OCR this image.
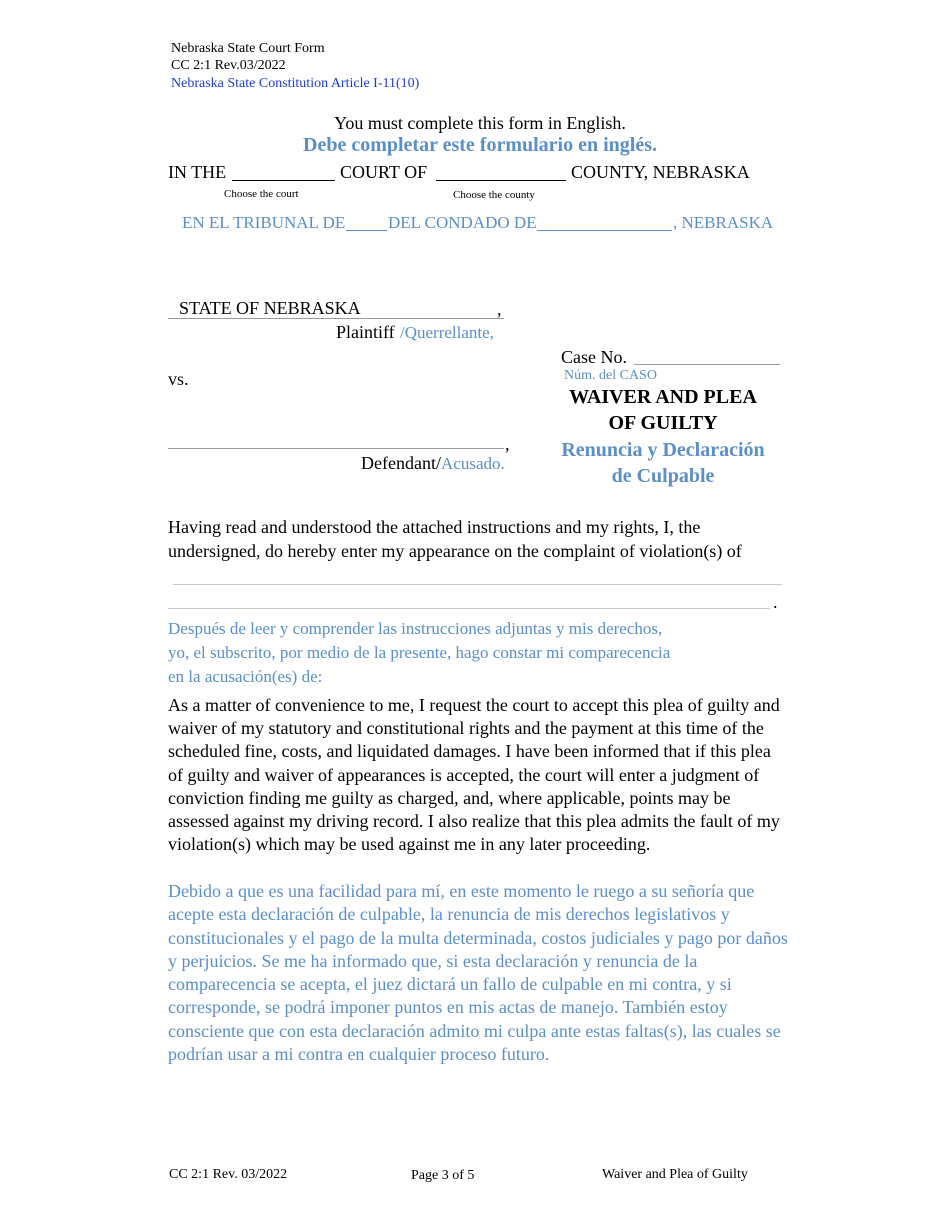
Nebraska State Court Form
CC 2:1 Rev.03/2022
Nebraska State Constitution Article I-11(10)
You must complete this form in English.
Debe completar este formulario en inglés.
IN THE	COURT OF	COUNTY, NEBRASKA
Choose the court	Choose the county
EN EL TRIBUNAL DE	DEL CONDADO DE	, NEBRASKA
STATE OF NEBRASKA	,
Plaintiff /Querrellante,
vs.
,
Defendant/ Acusado.
Case No.
Núm. del CASO
WAIVER AND PLEA
OF GUILTY
Renuncia y Declaración
de Culpable
Having read and understood the attached instructions and my rights, I, the
undersigned, do hereby enter my appearance on the complaint of violation(s) of
.
Después de leer y comprender las instrucciones adjuntas y mis derechos,
yo, el subscrito, por medio de la presente, hago constar mi comparecencia
en la acusación(es) de:
As a matter of convenience to me, I request the court to accept this plea of guilty and waiver of my statutory and constitutional rights and the payment at this time of the scheduled fine, costs, and liquidated damages. I have been informed that if this plea of guilty and waiver of appearances is accepted, the court will enter a judgment of conviction finding me guilty as charged, and, where applicable, points may be assessed against my driving record. I also realize that this plea admits the fault of my violation(s) which may be used against me in any later proceeding.
Debido a que es una facilidad para mí, en este momento le ruego a su señoría que acepte esta declaración de culpable, la renuncia de mis derechos legislativos y constitucionales y el pago de la multa determinada, costos judiciales y pago por daños y perjuicios. Se me ha informado que, si esta declaración y renuncia de la comparecencia se acepta, el juez dictará un fallo de culpable en mi contra, y si corresponde, se podrá imponer puntos en mis actas de manejo. También estoy consciente que con esta declaración admito mi culpa ante estas faltas(s), las cuales se podrían usar a mi contra en cualquier proceso futuro.
CC 2:1 Rev. 03/2022	Page 3 of 5	Waiver and Plea of Guilty
